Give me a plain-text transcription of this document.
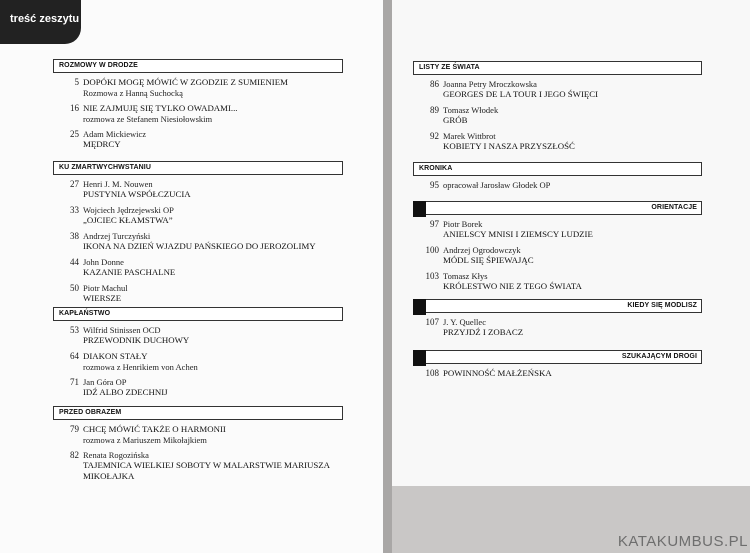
treść zeszytu
ROZMOWY W DRODZE
5 DOPÓKI MOGĘ MÓWIĆ W ZGODZIE Z SUMIENIEM
Rozmowa z Hanną Suchocką
16 NIE ZAJMUJĘ SIĘ TYLKO OWADAMI...
rozmowa ze Stefanem Niesiołowskim
25 Adam Mickiewicz
MĘDRCY
KU ZMARTWYCHWSTANIU
27 Henri J. M. Nouwen
PUSTYNIA WSPÓŁCZUCIA
33 Wojciech Jędrzejewski OP
„OJCIEC KŁAMSTWA”
38 Andrzej Turczyński
IKONA NA DZIEŃ WJAZDU PAŃSKIEGO DO JEROZOLIMY
44 John Donne
KAZANIE PASCHALNE
50 Piotr Machul
WIERSZE
KAPŁAŃSTWO
53 Wilfrid Stinissen OCD
PRZEWODNIK DUCHOWY
64 DIAKON STAŁY
rozmowa z Henrikiem von Achen
71 Jan Góra OP
IDŹ ALBO ZDECHNIJ
PRZED OBRAZEM
79 CHCĘ MÓWIĆ TAKŻE O HARMONII
rozmowa z Mariuszem Mikołajkiem
82 Renata Rogozińska
TAJEMNICA WIELKIEJ SOBOTY W MALARSTWIE MARIUSZA
MIKOŁAJKA
LISTY ZE ŚWIATA
86 Joanna Petry Mroczkowska
GEORGES DE LA TOUR I JEGO ŚWIĘCI
89 Tomasz Włodek
GRÓB
92 Marek Wittbrot
KOBIETY I NASZA PRZYSZŁOŚĆ
KRONIKA
95 opracował Jarosław Głodek OP
ORIENTACJE
97 Piotr Borek
ANIELSCY MNISI I ZIEMSCY LUDZIE
100 Andrzej Ogrodowczyk
MÓDL SIĘ ŚPIEWAJĄC
103 Tomasz Kłys
KRÓLESTWO NIE Z TEGO ŚWIATA
KIEDY SIĘ MODLISZ
107 J. Y. Quellec
PRZYJDŹ I ZOBACZ
SZUKAJĄCYM DROGI
108 POWINNOŚĆ MAŁŻEŃSKA
KATAKUMBUS.PL
